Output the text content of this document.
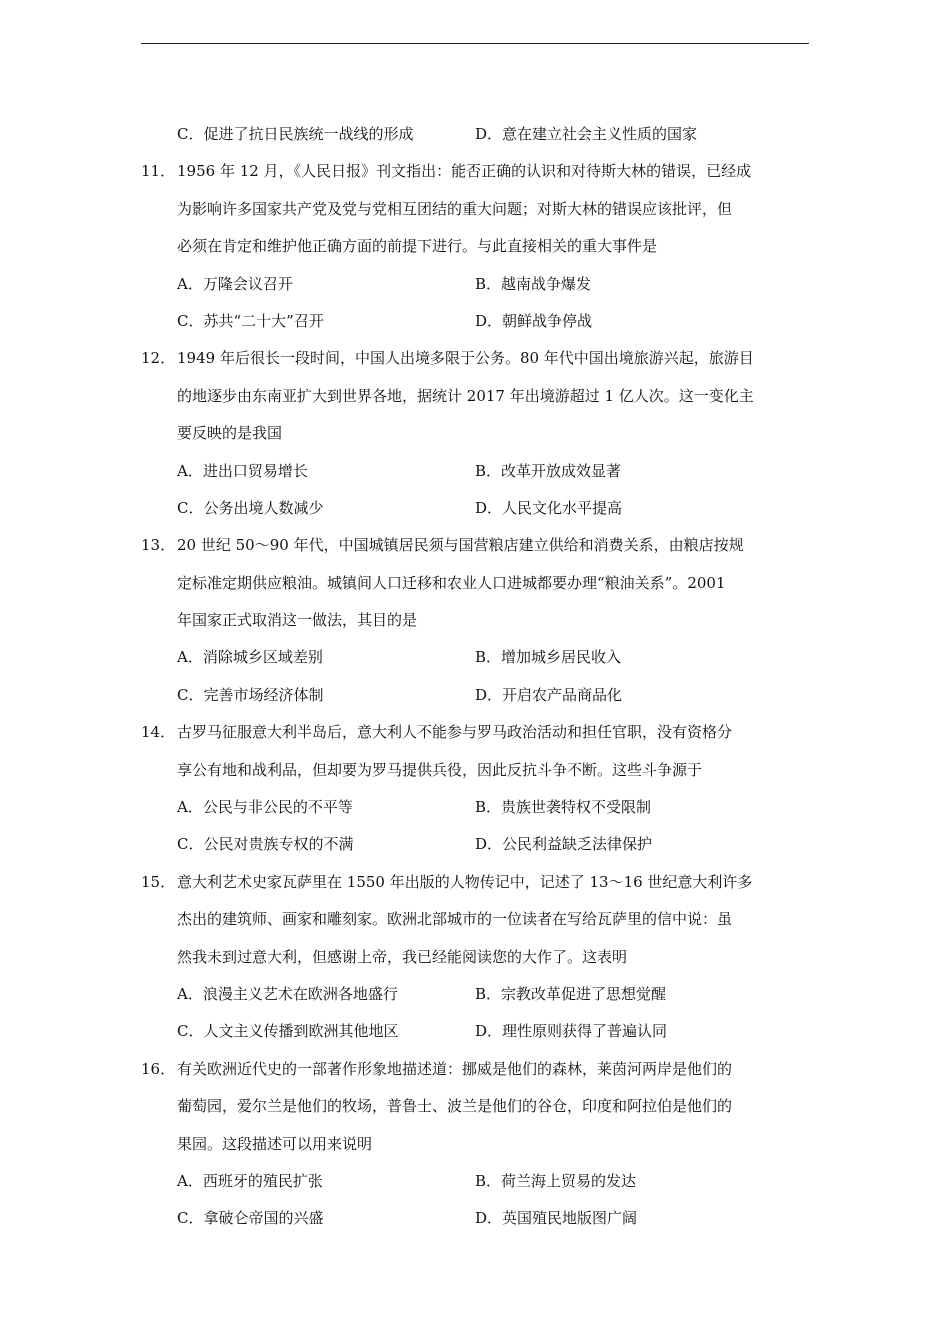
C．促进了抗日民族统一战线的形成	D．意在建立社会主义性质的国家
11． 1956 年 12 月，《人民日报》刊文指出：能否正确的认识和对待斯大林的错误，已经成
为影响许多国家共产党及党与党相互团结的重大问题；对斯大林的错误应该批评，但
必须在肯定和维护他正确方面的前提下进行。与此直接相关的重大事件是
A．万隆会议召开	B．越南战争爆发
C．苏共“二十大”召开	D．朝鲜战争停战
12． 1949 年后很长一段时间，中国人出境多限于公务。80 年代中国出境旅游兴起，旅游目
的地逐步由东南亚扩大到世界各地，据统计 2017 年出境游超过 1 亿人次。这一变化主
要反映的是我国
A．进出口贸易增长	B．改革开放成效显著
C．公务出境人数减少	D．人民文化水平提高
13． 20 世纪 50～90 年代，中国城镇居民须与国营粮店建立供给和消费关系，由粮店按规
定标准定期供应粮油。城镇间人口迁移和农业人口进城都要办理“粮油关系”。2001
年国家正式取消这一做法，其目的是
A．消除城乡区域差别	B．增加城乡居民收入
C．完善市场经济体制	D．开启农产品商品化
14． 古罗马征服意大利半岛后，意大利人不能参与罗马政治活动和担任官职，没有资格分
享公有地和战利品，但却要为罗马提供兵役，因此反抗斗争不断。这些斗争源于
A．公民与非公民的不平等	B．贵族世袭特权不受限制
C．公民对贵族专权的不满	D．公民利益缺乏法律保护
15． 意大利艺术史家瓦萨里在 1550 年出版的人物传记中，记述了 13～16 世纪意大利许多
杰出的建筑师、画家和雕刻家。欧洲北部城市的一位读者在写给瓦萨里的信中说：虽
然我未到过意大利，但感谢上帝，我已经能阅读您的大作了。这表明
A．浪漫主义艺术在欧洲各地盛行	B．宗教改革促进了思想觉醒
C．人文主义传播到欧洲其他地区	D．理性原则获得了普遍认同
16． 有关欧洲近代史的一部著作形象地描述道：挪威是他们的森林，莱茵河两岸是他们的
葡萄园，爱尔兰是他们的牧场，普鲁士、波兰是他们的谷仓，印度和阿拉伯是他们的
果园。这段描述可以用来说明
A．西班牙的殖民扩张	B．荷兰海上贸易的发达
C．拿破仑帝国的兴盛	D．英国殖民地版图广阔
